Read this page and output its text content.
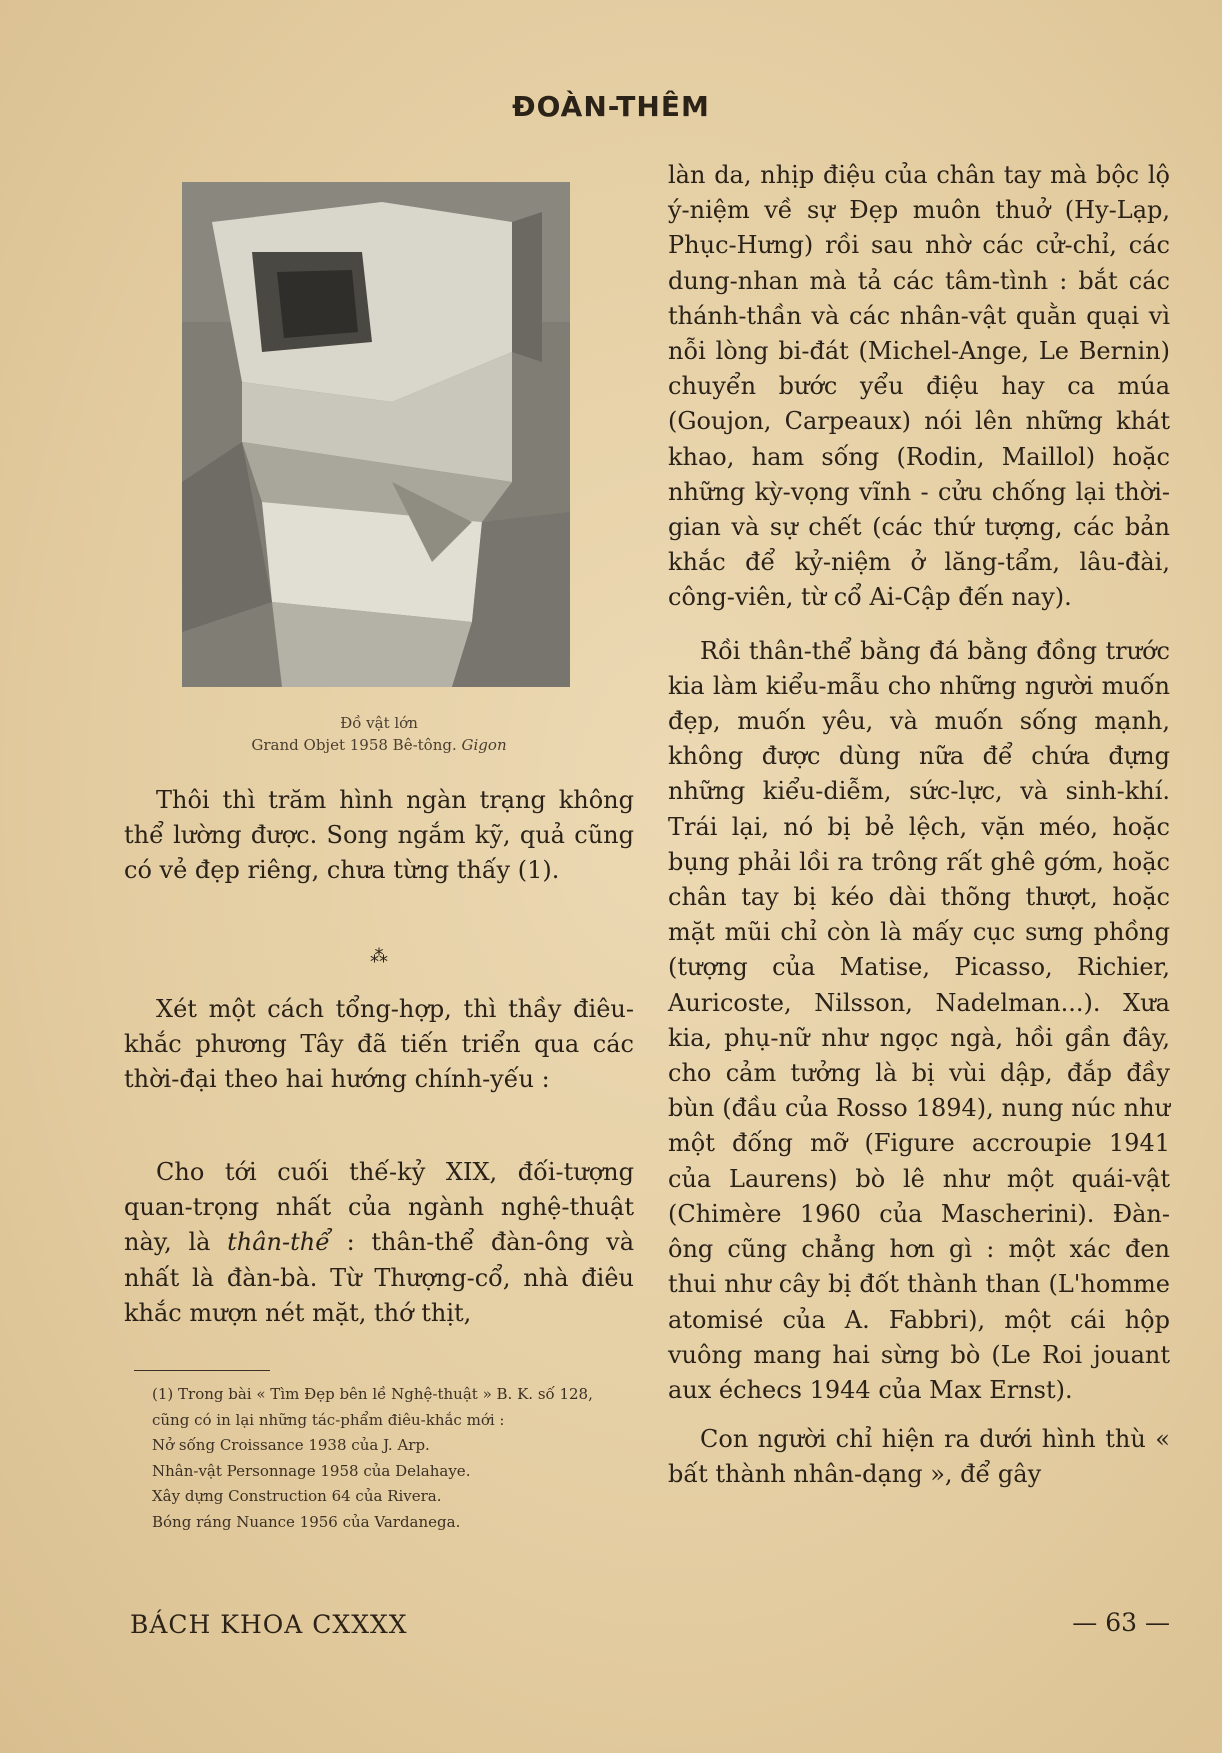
ĐOÀN-THÊM
Đồ vật lớn
Grand Objet 1958 Bê-tông. Gigon

Thôi thì trăm hình ngàn trạng không thể lường được. Song ngắm kỹ, quả cũng có vẻ đẹp riêng, chưa từng thấy (1).

⁂

Xét một cách tổng-hợp, thì thầy điêu-khắc phương Tây đã tiến triển qua các thời-đại theo hai hướng chính-yếu :

Cho tới cuối thế-kỷ XIX, đối-tượng quan-trọng nhất của ngành nghệ-thuật này, là thân-thể : thân-thể đàn-ông và nhất là đàn-bà. Từ Thượng-cổ, nhà điêu khắc mượn nét mặt, thớ thịt,

(1) Trong bài « Tìm Đẹp bên lề Nghệ-thuật » B. K. số 128, cũng có in lại những tác-phẩm điêu-khắc mới :
Nở sống Croissance 1938 của J. Arp.
Nhân-vật Personnage 1958 của Delahaye.
Xây dựng Construction 64 của Rivera.
Bóng ráng Nuance 1956 của Vardanega.

làn da, nhịp điệu của chân tay mà bộc lộ ý-niệm về sự Đẹp muôn thuở (Hy-Lạp, Phục-Hưng) rồi sau nhờ các cử-chỉ, các dung-nhan mà tả các tâm-tình : bắt các thánh-thần và các nhân-vật quằn quại vì nỗi lòng bi-đát (Michel-Ange, Le Bernin) chuyển bước yểu điệu hay ca múa (Goujon, Carpeaux) nói lên những khát khao, ham sống (Rodin, Maillol) hoặc những kỳ-vọng vĩnh - cửu chống lại thời-gian và sự chết (các thứ tượng, các bản khắc để kỷ-niệm ở lăng-tẩm, lâu-đài, công-viên, từ cổ Ai-Cập đến nay).

Rồi thân-thể bằng đá bằng đồng trước kia làm kiểu-mẫu cho những người muốn đẹp, muốn yêu, và muốn sống mạnh, không được dùng nữa để chứa đựng những kiểu-diễm, sức-lực, và sinh-khí. Trái lại, nó bị bẻ lệch, vặn méo, hoặc bụng phải lồi ra trông rất ghê gớm, hoặc chân tay bị kéo dài thõng thượt, hoặc mặt mũi chỉ còn là mấy cục sưng phồng (tượng của Matise, Picasso, Richier, Auricoste, Nilsson, Nadelman...). Xưa kia, phụ-nữ như ngọc ngà, hồi gần đây, cho cảm tưởng là bị vùi dập, đắp đầy bùn (đầu của Rosso 1894), nung núc như một đống mỡ (Figure accroupie 1941 của Laurens) bò lê như một quái-vật (Chimère 1960 của Mascherini). Đàn-ông cũng chẳng hơn gì : một xác đen thui như cây bị đốt thành than (L'homme atomisé của A. Fabbri), một cái hộp vuông mang hai sừng bò (Le Roi jouant aux échecs 1944 của Max Ernst).

Con người chỉ hiện ra dưới hình thù « bất thành nhân-dạng », để gây

BÁCH KHOA CXXXX	— 63 —
